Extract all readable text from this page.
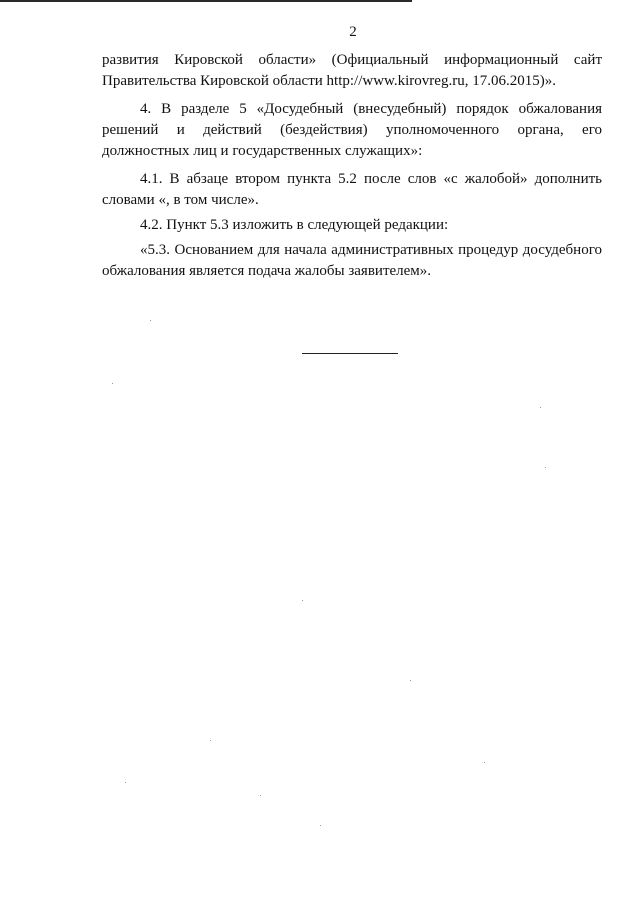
2

развития Кировской области» (Официальный информационный сайт Правительства Кировской области http://www.kirovreg.ru, 17.06.2015)».

4. В разделе 5 «Досудебный (внесудебный) порядок обжалования решений и действий (бездействия) уполномоченного органа, его должностных лиц и государственных служащих»:

4.1. В абзаце втором пункта 5.2 после слов «с жалобой» дополнить словами «, в том числе».

4.2. Пункт 5.3 изложить в следующей редакции:

«5.3. Основанием для начала административных процедур досудебного обжалования является подача жалобы заявителем».
